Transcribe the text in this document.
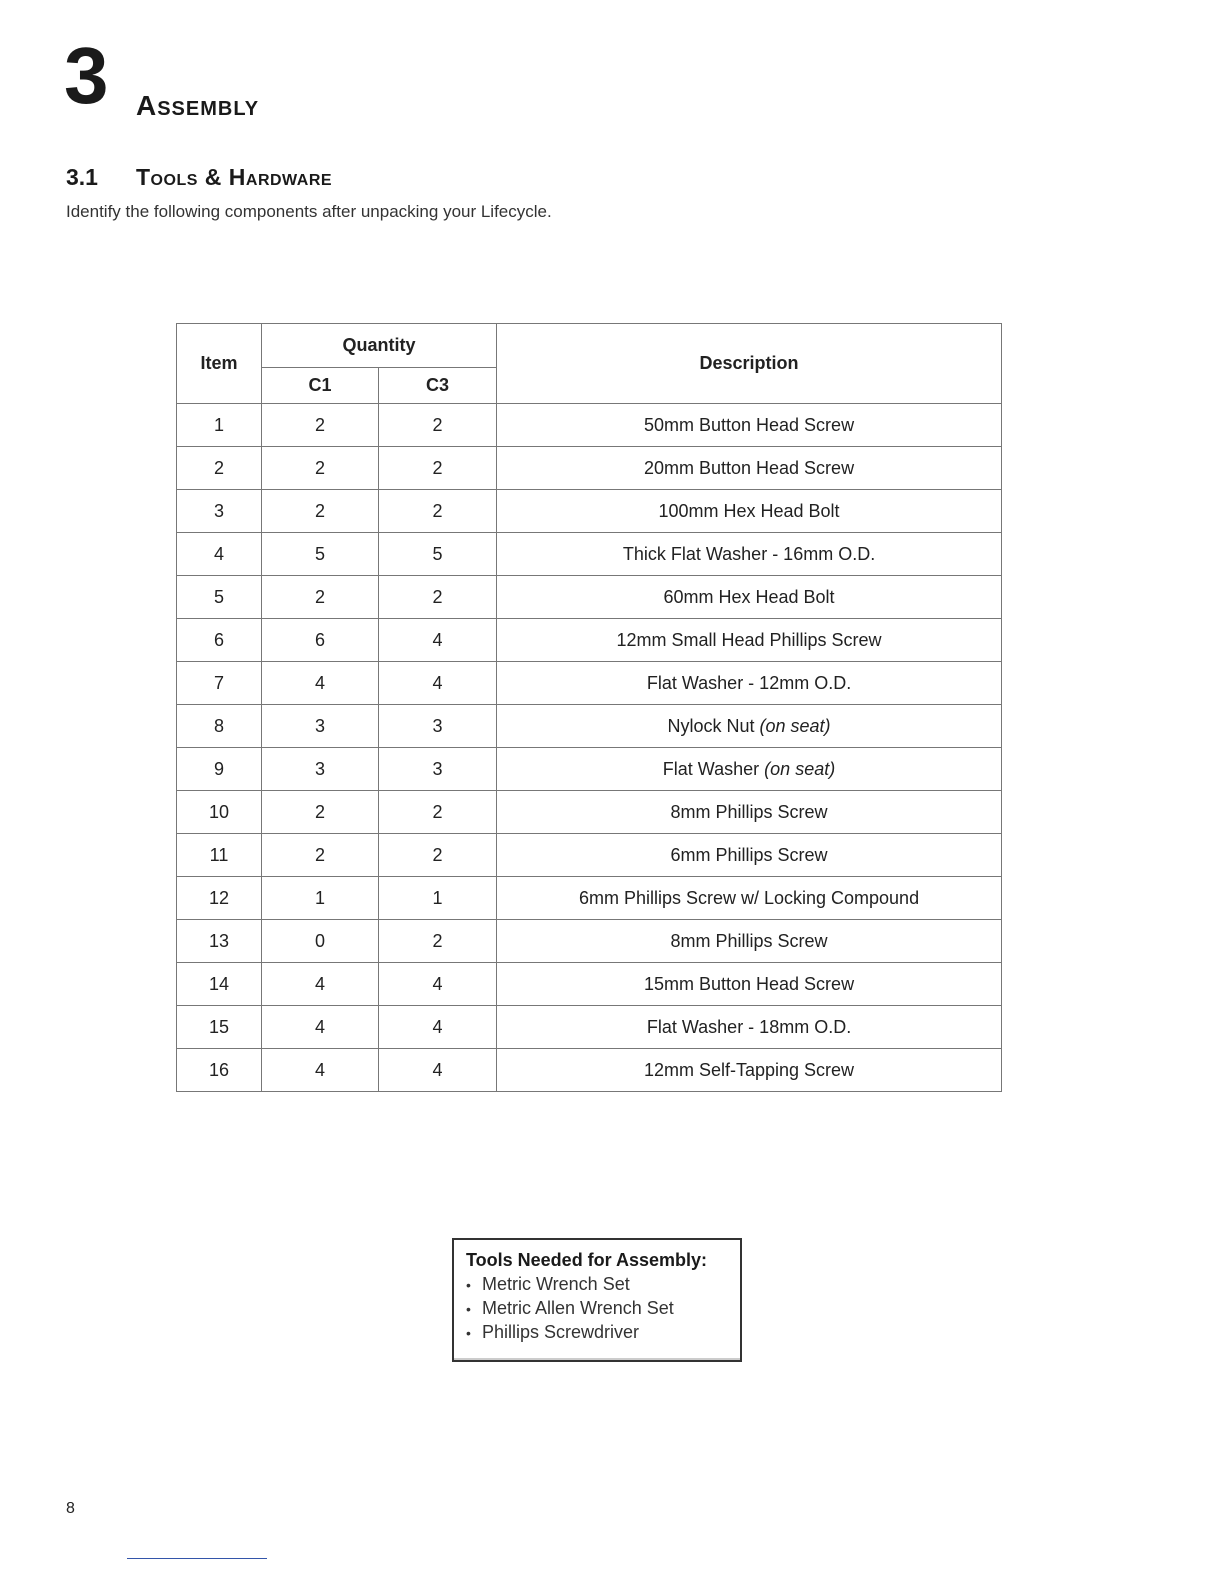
3 Assembly
3.1 Tools & Hardware
Identify the following components after unpacking your Lifecycle.
Item	Quantity		Description
	C1	C3	
1	2	2	50mm Button Head Screw
2	2	2	20mm Button Head Screw
3	2	2	100mm Hex Head Bolt
4	5	5	Thick Flat Washer - 16mm O.D.
5	2	2	60mm Hex Head Bolt
6	6	4	12mm Small Head Phillips Screw
7	4	4	Flat Washer - 12mm O.D.
8	3	3	Nylock Nut (on seat)
9	3	3	Flat Washer (on seat)
10	2	2	8mm Phillips Screw
11	2	2	6mm Phillips Screw
12	1	1	6mm Phillips Screw w/ Locking Compound
13	0	2	8mm Phillips Screw
14	4	4	15mm Button Head Screw
15	4	4	Flat Washer - 18mm O.D.
16	4	4	12mm Self-Tapping Screw
Tools Needed for Assembly:
• Metric Wrench Set
• Metric Allen Wrench Set
• Phillips Screwdriver
8
